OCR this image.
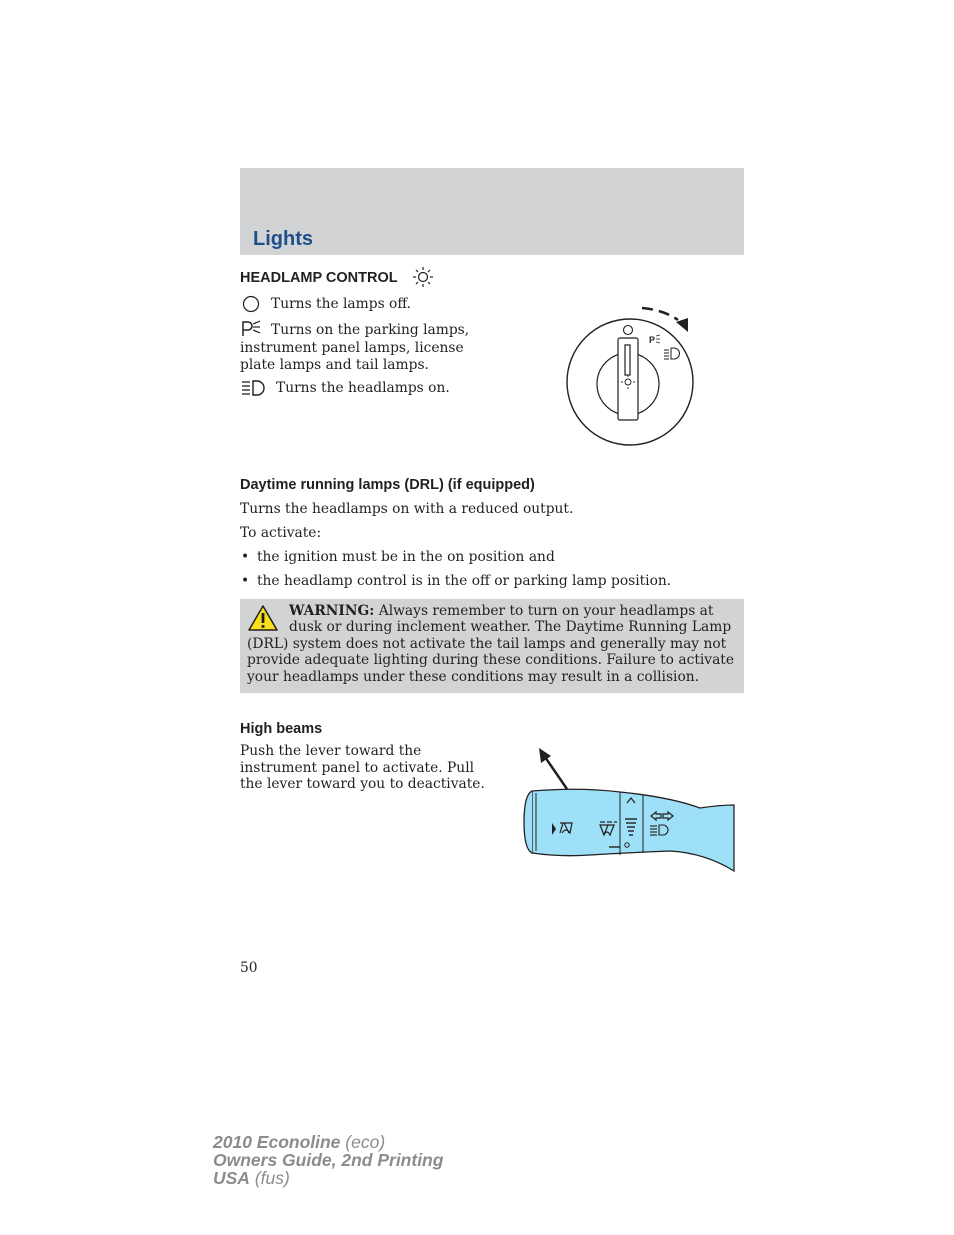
Lights
HEADLAMP CONTROL
Turns the lamps off.
Turns on the parking lamps,
instrument panel lamps, license
plate lamps and tail lamps.
Turns the headlamps on.
P
Daytime running lamps (DRL) (if equipped)
Turns the headlamps on with a reduced output.
To activate:
• the ignition must be in the on position and
• the headlamp control is in the off or parking lamp position.
WARNING: Always remember to turn on your headlamps at
dusk or during inclement weather. The Daytime Running Lamp
(DRL) system does not activate the tail lamps and generally may not
provide adequate lighting during these conditions. Failure to activate
your headlamps under these conditions may result in a collision.
High beams
Push the lever toward the
instrument panel to activate. Pull
the lever toward you to deactivate.
50
2010 Econoline (eco)
Owners Guide, 2nd Printing
USA (fus)
